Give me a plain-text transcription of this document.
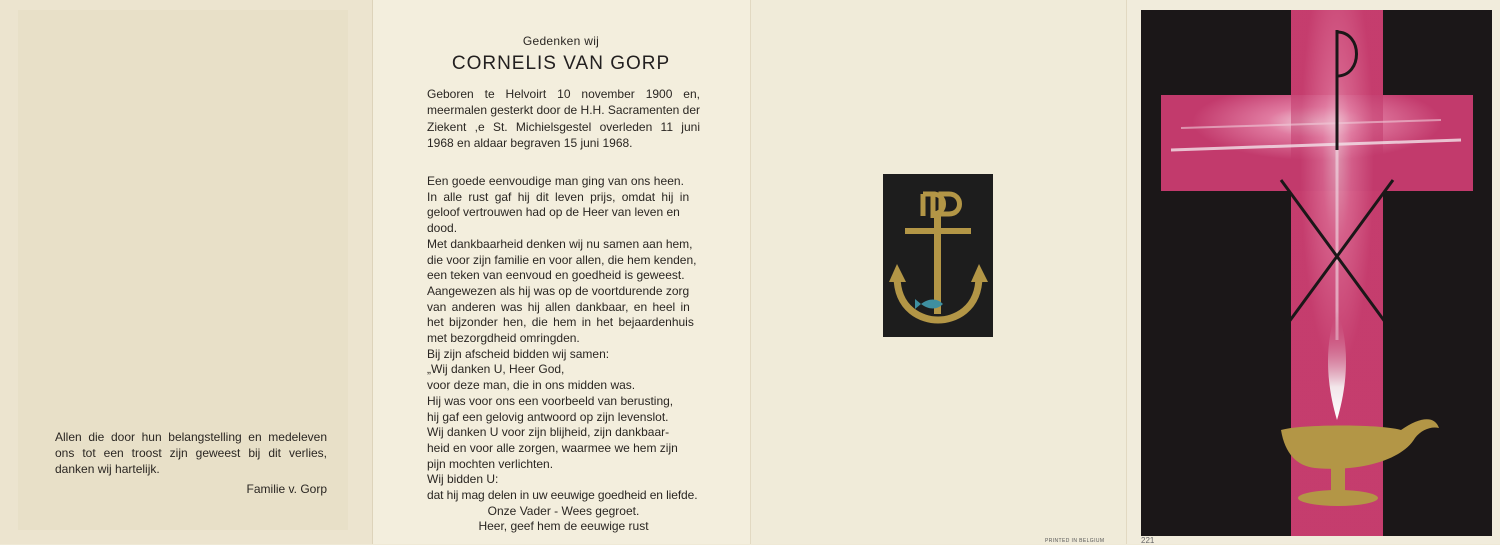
Allen die door hun belangstelling en medeleven ons tot een troost zijn geweest bij dit verlies, danken wij hartelijk.

Familie v. Gorp
Gedenken wij
CORNELIS VAN GORP
Geboren te Helvoirt 10 november 1900 en, meermalen gesterkt door de H.H. Sacramenten der Ziekent ,e St. Michielsgestel overleden 11 juni 1968 en aldaar begraven 15 juni 1968.
Een goede eenvoudige man ging van ons heen.
In alle rust gaf hij dit leven prijs, omdat hij in
geloof vertrouwen had op de Heer van leven en
dood.
Met dankbaarheid denken wij nu samen aan hem,
die voor zijn familie en voor allen, die hem kenden,
een teken van eenvoud en goedheid is geweest.
Aangewezen als hij was op de voortdurende zorg
van anderen was hij allen dankbaar, en heel in
het bijzonder hen, die hem in het bejaardenhuis
met bezorgdheid omringden.
Bij zijn afscheid bidden wij samen:
„Wij danken U, Heer God,
voor deze man, die in ons midden was.
Hij was voor ons een voorbeeld van berusting,
hij gaf een gelovig antwoord op zijn levenslot.
Wij danken U voor zijn blijheid, zijn dankbaar-
heid en voor alle zorgen, waarmee we hem zijn
pijn mochten verlichten.
Wij bidden U:
dat hij mag delen in uw eeuwige goedheid en liefde.
Onze Vader - Wees gegroet.
Heer, geef hem de eeuwige rust
PRINTED IN BELGIUM	221
